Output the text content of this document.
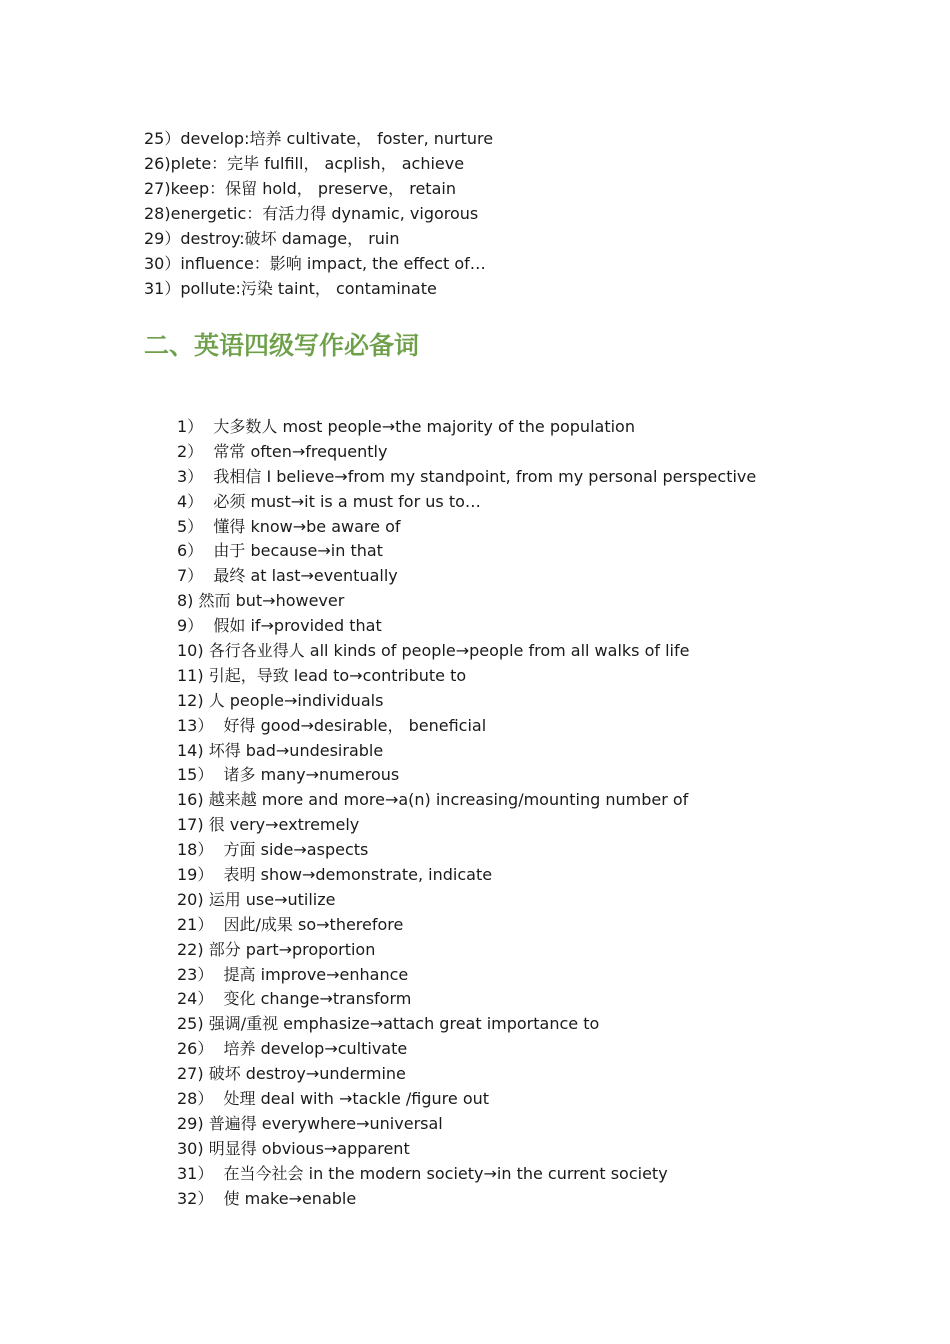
25）develop:培养 cultivate， foster, nurture
26)plete：完毕 fulfill， acplish， achieve
27)keep：保留 hold， preserve， retain
28)energetic：有活力得 dynamic, vigorous
29）destroy:破坏 damage， ruin
30）influence：影响 impact, the effect of…
31）pollute:污染 taint， contaminate
二、英语四级写作必备词
1）  大多数人 most people→the majority of the population
2）  常常 often→frequently
3）  我相信 I believe→from my standpoint, from my personal perspective
4）  必须 must→it is a must for us to…
5）  懂得 know→be aware of
6）  由于 because→in that
7）  最终 at last→eventually
8) 然而 but→however
9）  假如 if→provided that
10) 各行各业得人 all kinds of people→people from all walks of life
11) 引起，导致 lead to→contribute to
12) 人 people→individuals
13）  好得 good→desirable， beneficial
14) 坏得 bad→undesirable
15）  诸多 many→numerous
16) 越来越 more and more→a(n) increasing/mounting number of
17) 很 very→extremely
18）  方面 side→aspects
19）  表明 show→demonstrate, indicate
20) 运用 use→utilize
21）  因此/成果 so→therefore
22) 部分 part→proportion
23）  提高 improve→enhance
24）  变化 change→transform
25) 强调/重视 emphasize→attach great importance to
26）  培养 develop→cultivate
27) 破坏 destroy→undermine
28）  处理 deal with →tackle /figure out
29) 普遍得 everywhere→universal
30) 明显得 obvious→apparent
31）  在当今社会 in the modern society→in the current society
32）  使 make→enable
